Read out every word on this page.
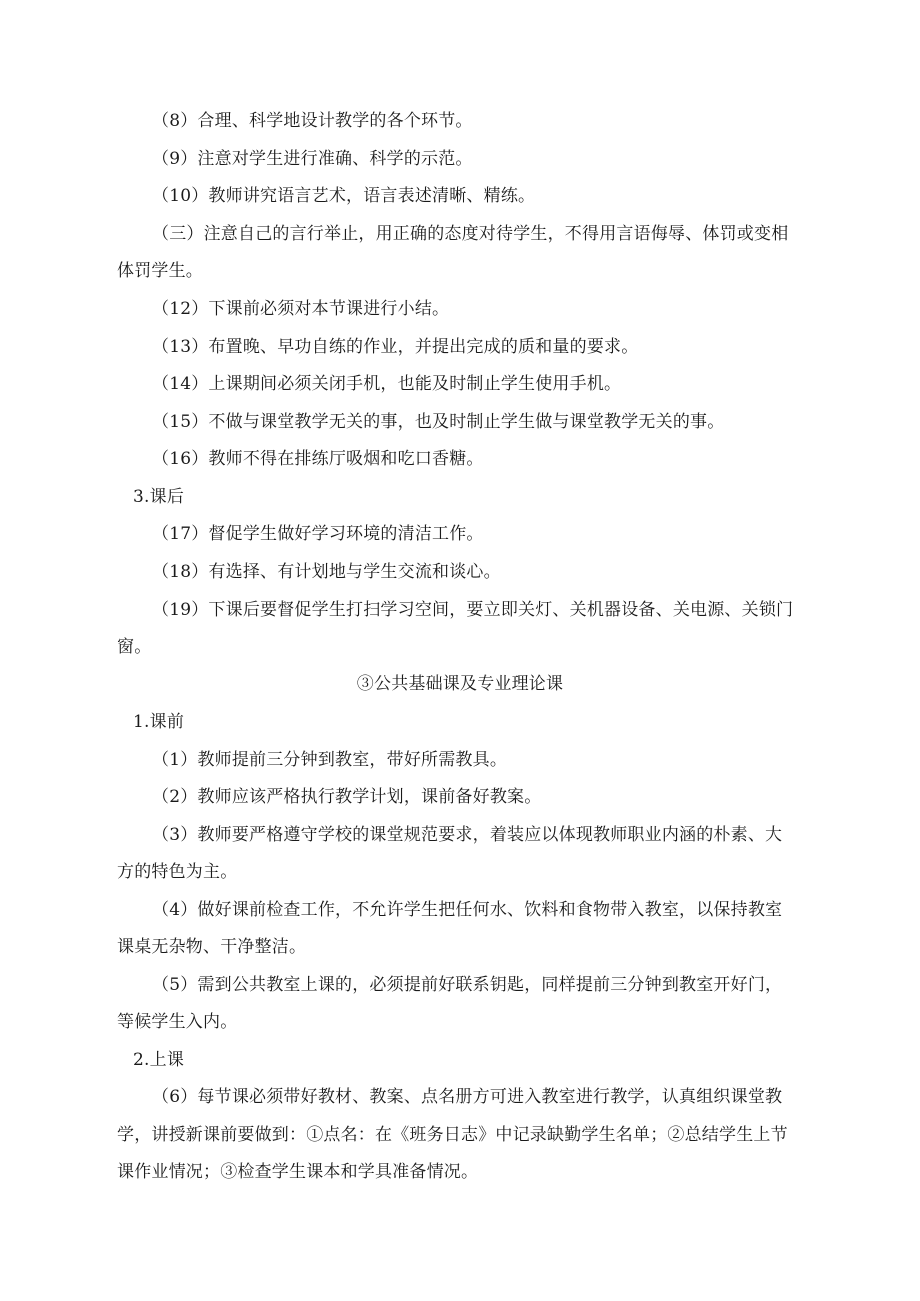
（8）合理、科学地设计教学的各个环节。
（9）注意对学生进行准确、科学的示范。
（10）教师讲究语言艺术，语言表述清晰、精练。
（三）注意自己的言行举止，用正确的态度对待学生，不得用言语侮辱、体罚或变相
体罚学生。
（12）下课前必须对本节课进行小结。
（13）布置晚、早功自练的作业，并提出完成的质和量的要求。
（14）上课期间必须关闭手机，也能及时制止学生使用手机。
（15）不做与课堂教学无关的事，也及时制止学生做与课堂教学无关的事。
（16）教师不得在排练厅吸烟和吃口香糖。
3.课后
（17）督促学生做好学习环境的清洁工作。
（18）有选择、有计划地与学生交流和谈心。
（19）下课后要督促学生打扫学习空间，要立即关灯、关机器设备、关电源、关锁门
窗。
③公共基础课及专业理论课
1.课前
（1）教师提前三分钟到教室，带好所需教具。
（2）教师应该严格执行教学计划，课前备好教案。
（3）教师要严格遵守学校的课堂规范要求，着装应以体现教师职业内涵的朴素、大
方的特色为主。
（4）做好课前检查工作，不允许学生把任何水、饮料和食物带入教室，以保持教室
课桌无杂物、干净整洁。
（5）需到公共教室上课的，必须提前好联系钥匙，同样提前三分钟到教室开好门，
等候学生入内。
2.上课
（6）每节课必须带好教材、教案、点名册方可进入教室进行教学，认真组织课堂教
学，讲授新课前要做到：①点名：在《班务日志》中记录缺勤学生名单；②总结学生上节
课作业情况；③检查学生课本和学具准备情况。
